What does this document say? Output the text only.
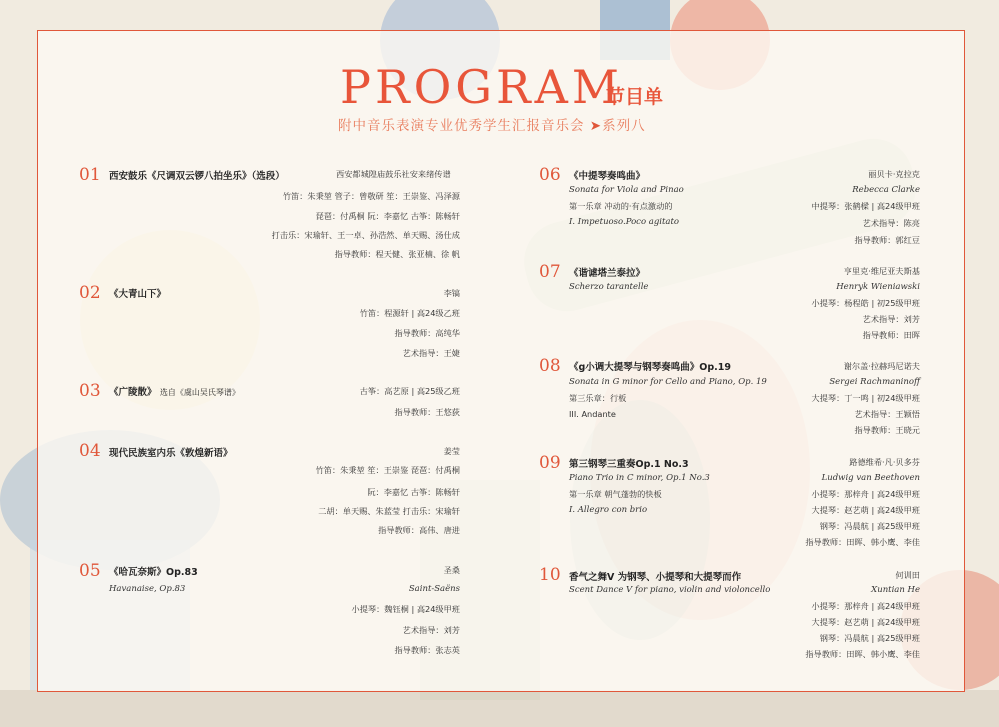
PROGRAM
节目单
附中音乐表演专业优秀学生汇报音乐会 ➤系列八
01 西安鼓乐《尺调双云锣八拍坐乐》（选段）	西安都城隍庙鼓乐社安来绪传谱
竹笛：朱秉堃 管子：曾敬研 笙：王崇鉴、冯泽源
琵琶：付禹桐 阮：李嘉忆 古筝：陈畅轩
打击乐：宋瑜轩、王一卓、孙浩然、单天赐、汤仕成
指导教师：程天健、张亚楠、徐 帆
02 《大青山下》	李镐
竹笛：程源轩 | 高24级乙班
指导教师：高纯华
艺术指导：王婕
03 《广陵散》 选自《虞山吴氏琴谱》	古筝：高艺原 | 高25级乙班
指导教师：王悠荻
04 现代民族室内乐《敦煌新语》	姜莹
竹笛：朱秉堃 笙：王崇鉴 琵琶：付禹桐
阮：李嘉忆 古筝：陈畅轩
二胡：单天赐、朱蓝莹 打击乐：宋瑜轩
指导教师：高伟、唐进
05 《哈瓦奈斯》Op.83	圣桑
Havanaise, Op.83	Saint-Saëns
小提琴：魏钰桐 | 高24级甲班
艺术指导：刘芳
指导教师：张志英
06 《中提琴奏鸣曲》	丽贝卡·克拉克
Sonata for Viola and Pinao	Rebecca Clarke
第一乐章 冲动的·有点激动的
I. Impetuoso.Poco agitato
中提琴：张鹤樑 | 高24级甲班
艺术指导：陈亮
指导教师：郭红豆
07 《谐谑塔兰泰拉》	亨里克·维尼亚夫斯基
Scherzo tarantelle	Henryk Wieniawski
小提琴：杨程皓 | 初25级甲班
艺术指导：刘芳
指导教师：田晖
08 《g小调大提琴与钢琴奏鸣曲》Op.19	谢尔盖·拉赫玛尼诺夫
Sonata in G minor for Cello and Piano, Op. 19	Sergei Rachmaninoff
第三乐章：行板
III. Andante
大提琴：丁一鸣 | 初24级甲班
艺术指导：王颖悟
指导教师：王晓元
09 第三钢琴三重奏Op.1 No.3	路德维希·凡·贝多芬
Piano Trio in C minor, Op.1 No.3	Ludwig van Beethoven
第一乐章 朝气蓬勃的快板
I. Allegro con brio
小提琴：那梓舟 | 高24级甲班
大提琴：赵艺萌 | 高24级甲班
钢琴：冯晨航 | 高25级甲班
指导教师：田晖、韩小鹰、李佳
10 香气之舞V 为钢琴、小提琴和大提琴而作	何训田
Scent Dance V for piano, violin and violoncello	Xuntian He
小提琴：那梓舟 | 高24级甲班
大提琴：赵艺萌 | 高24级甲班
钢琴：冯晨航 | 高25级甲班
指导教师：田晖、韩小鹰、李佳
